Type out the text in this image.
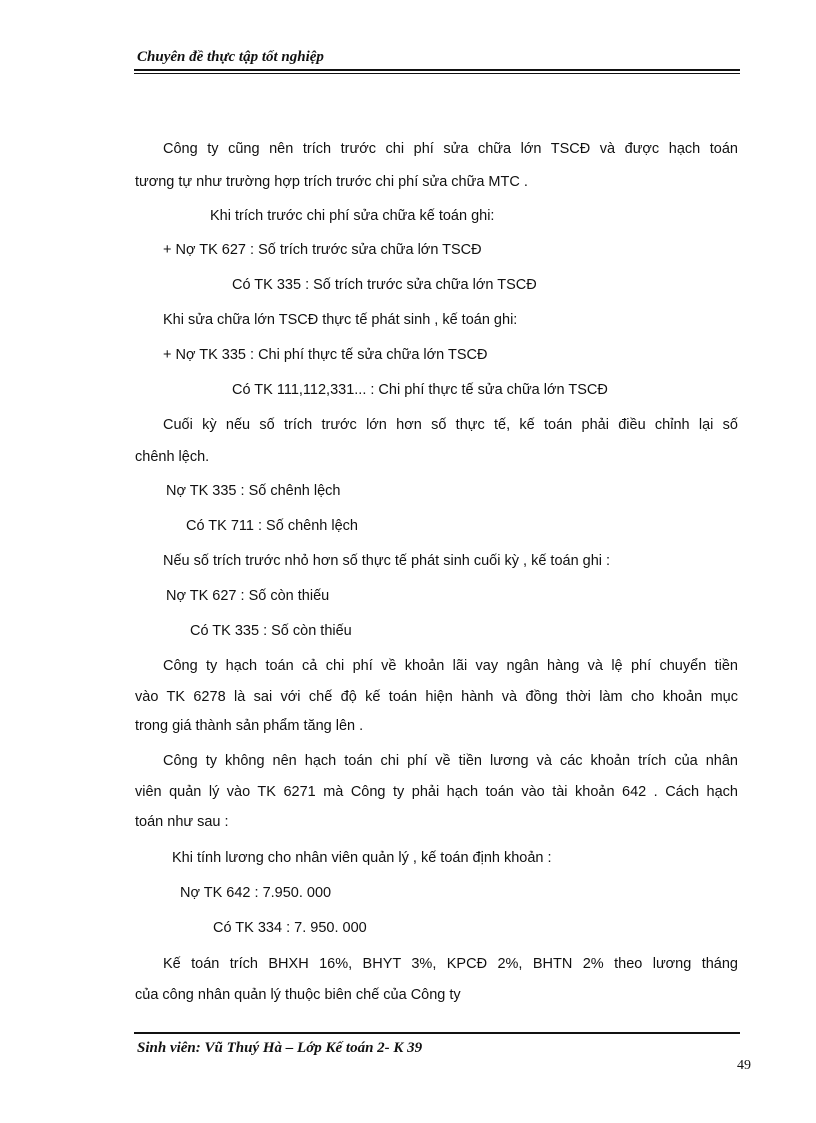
Chuyên đề thực tập tốt nghiệp
Công ty cũng nên trích trước chi phí sửa chữa lớn TSCĐ và được hạch toán
tương tự như trường hợp trích trước chi phí sửa chữa MTC .
Khi trích trước chi phí sửa chữa kế toán ghi:
+ Nợ TK 627 : Số trích trước sửa chữa lớn TSCĐ
Có TK 335 : Số trích trước sửa chữa lớn TSCĐ
Khi sửa chữa lớn TSCĐ thực tế phát sinh , kế toán ghi:
+ Nợ TK 335 : Chi phí thực tế sửa chữa lớn TSCĐ
Có TK 111,112,331... : Chi phí thực tế sửa chữa lớn TSCĐ
Cuối kỳ nếu số trích trước lớn hơn số thực tế, kế toán phải điều chỉnh lại số
chênh lệch.
Nợ TK 335 : Số chênh lệch
Có TK 711 : Số chênh lệch
Nếu số trích trước nhỏ hơn số thực tế phát sinh cuối kỳ , kế toán ghi :
Nợ TK 627 : Số còn thiếu
Có TK 335 : Số còn thiếu
Công ty hạch toán cả chi phí về khoản lãi vay ngân hàng và lệ phí chuyển tiền
vào TK 6278 là sai với chế độ kế toán hiện hành và đồng thời làm cho khoản mục
trong giá thành sản phẩm tăng lên .
Công ty không nên hạch toán chi phí về tiền lương và các khoản trích của nhân
viên quản lý vào TK 6271 mà Công ty phải hạch toán vào tài khoản 642 . Cách hạch
toán như sau :
Khi tính lương cho nhân viên quản lý , kế toán định khoản :
Nợ TK 642 : 7.950. 000
Có TK 334 : 7. 950. 000
Kế toán trích BHXH 16%, BHYT 3%, KPCĐ 2%, BHTN 2% theo lương tháng
của công nhân quản lý thuộc biên chế của Công ty
Sinh viên: Vũ Thuý Hà – Lớp Kế toán 2- K 39
49
